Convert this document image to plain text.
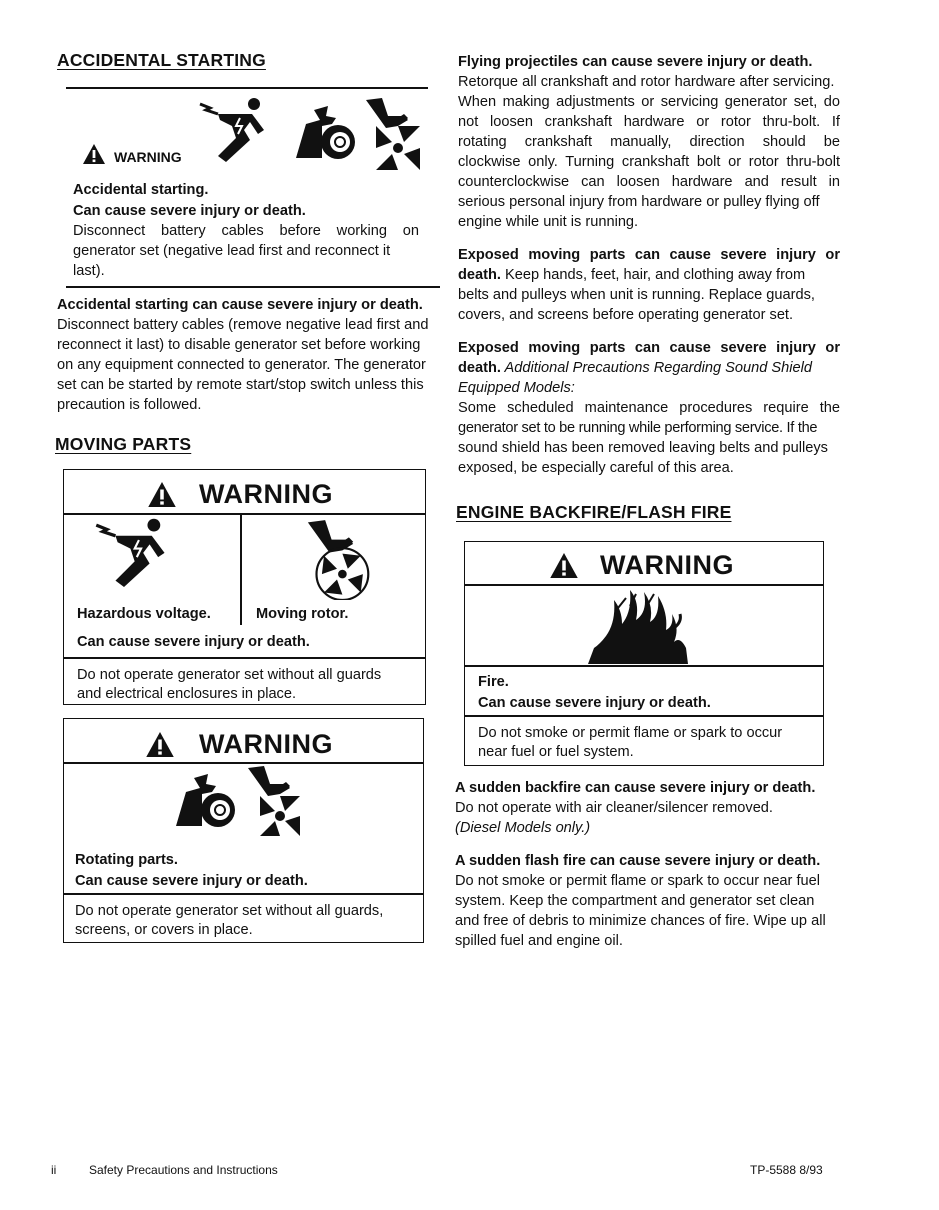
ACCIDENTAL STARTING
WARNING
Accidental starting.
Can cause severe injury or death.
Disconnect battery cables before working on
generator set (negative lead first and reconnect it
last).
Accidental starting can cause severe injury or death.
Disconnect battery cables (remove negative lead first and
reconnect it last) to disable generator set before working
on any equipment connected to generator. The generator
set can be started by remote start/stop switch unless this
precaution is followed.
MOVING PARTS
WARNING
Hazardous voltage.	Moving rotor.
Can cause severe injury or death.
Do not operate generator set without all guards
and electrical enclosures in place.
WARNING
Rotating parts.
Can cause severe injury or death.
Do not operate generator set without all guards,
screens, or covers in place.
Flying projectiles can cause severe injury or death.
Retorque all crankshaft and rotor hardware after servicing.
When making adjustments or servicing generator set, do
not loosen crankshaft hardware or rotor thru-bolt. If
rotating crankshaft manually, direction should be
clockwise only. Turning crankshaft bolt or rotor thru-bolt
counterclockwise can loosen hardware and result in
serious personal injury from hardware or pulley flying off
engine while unit is running.
Exposed moving parts can cause severe injury or
death. Keep hands, feet, hair, and clothing away from
belts and pulleys when unit is running. Replace guards,
covers, and screens before operating generator set.
Exposed moving parts can cause severe injury or
death. Additional Precautions Regarding Sound Shield
Equipped Models:
Some scheduled maintenance procedures require the
generator set to be running while performing service. If the
sound shield has been removed leaving belts and pulleys
exposed, be especially careful of this area.
ENGINE BACKFIRE/FLASH FIRE
WARNING
Fire.
Can cause severe injury or death.
Do not smoke or permit flame or spark to occur
near fuel or fuel system.
A sudden backfire can cause severe injury or death.
Do not operate with air cleaner/silencer removed.
(Diesel Models only.)
A sudden flash fire can cause severe injury or death.
Do not smoke or permit flame or spark to occur near fuel
system. Keep the compartment and generator set clean
and free of debris to minimize chances of fire. Wipe up all
spilled fuel and engine oil.
ii	Safety Precautions and Instructions	TP-5588 8/93
